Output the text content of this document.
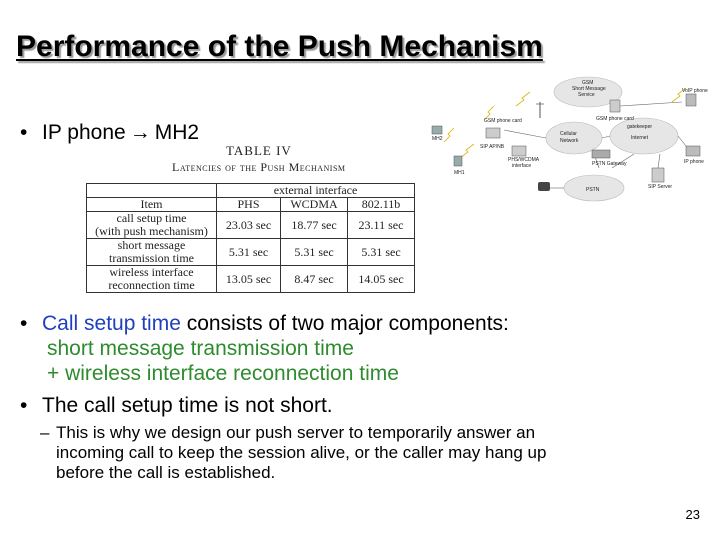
Performance of the Push Mechanism
• IP phone → MH2
TABLE IV
Latencies of the Push Mechanism
	external interface		
Item	PHS	WCDMA	802.11b

call setup time
(with push mechanism)	23.03 sec	18.77 sec	23.11 sec

short message
transmission time	5.31 sec	5.31 sec	5.31 sec

wireless interface
reconnection time	13.05 sec	8.47 sec	14.05 sec
GSM
Short Message
Service
Cellular
Network
gatekeeper
Internet
PSTN
MH2
MH1
GSM phone card
SIP AP/NB
PHS/WCDMA
interface
GSM phone card
VoIP phone
PSTN Gateway	IP phone
SIP Server
• Call setup time consists of two major components:
short message transmission time
+ wireless interface reconnection time
• The call setup time is not short.
– This is why we design our push server to temporarily answer an
incoming call to keep the session alive, or the caller may hang up
before the call is established.
23
